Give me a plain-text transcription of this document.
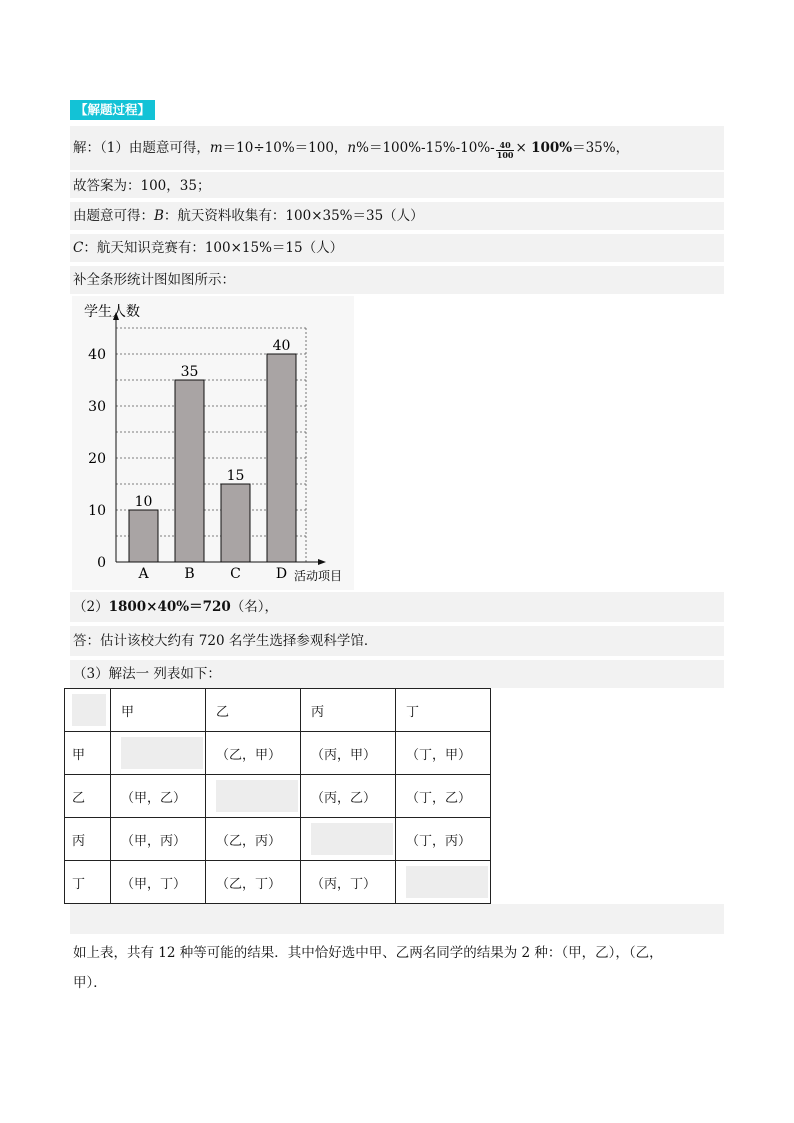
【解题过程】
解：（1）由题意可得，m＝10÷10%＝100，$n\%=100\%-15\%-10\%- \frac{40}{100} \times 100\%=35\%$，
故答案为：100，35；
由题意可得：B：航天资料收集有：100×35%＝35（人）
C：航天知识竞赛有：100×15%＝15（人）
补全条形统计图如图所示：
0
10
20
30
40
学生人数
活动项目
10
A
35
B
15
C
40
D
（2）1800×40%＝720（名），
答：估计该校大约有 720 名学生选择参观科学馆．
（3）解法一 列表如下：
	甲	乙	丙	丁
甲		（乙，甲）	（丙，甲）	（丁，甲）
乙	（甲，乙）		（丙，乙）	（丁，乙）
丙	（甲，丙）	（乙，丙）		（丁，丙）
丁	（甲，丁）	（乙，丁）	（丙，丁）	
如上表，共有 12 种等可能的结果．其中恰好选中甲、乙两名同学的结果为 2 种：（甲，乙），（乙，
甲）．
